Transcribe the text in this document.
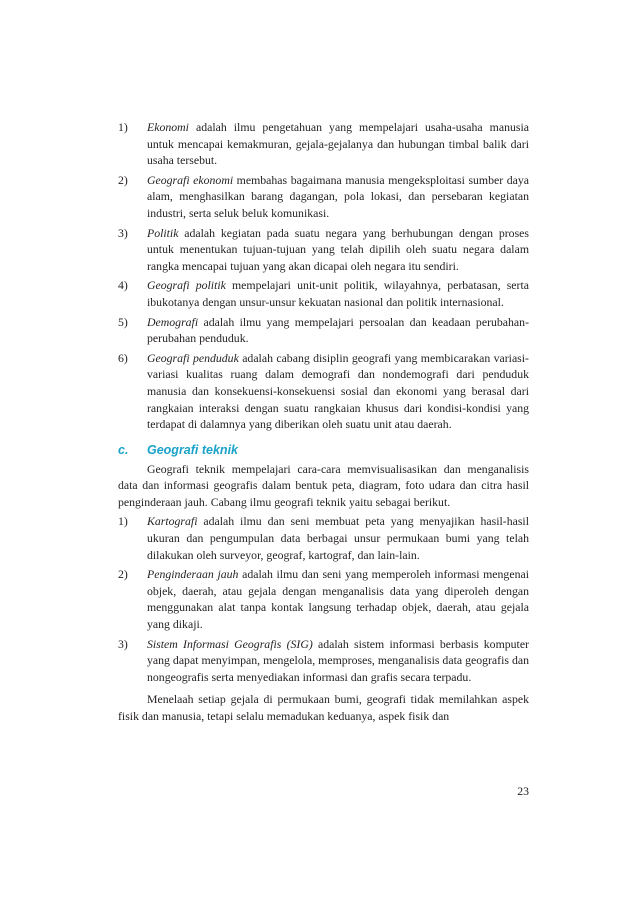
1)	Ekonomi adalah ilmu pengetahuan yang mempelajari usaha-usaha manusia untuk mencapai kemakmuran, gejala-gejalanya dan hubungan timbal balik dari usaha tersebut.
2)	Geografi ekonomi membahas bagaimana manusia mengeksploitasi sumber daya alam, menghasilkan barang dagangan, pola lokasi, dan persebaran kegiatan industri, serta seluk beluk komunikasi.
3)	Politik adalah kegiatan pada suatu negara yang berhubungan dengan proses untuk menentukan tujuan-tujuan yang telah dipilih oleh suatu negara dalam rangka mencapai tujuan yang akan dicapai oleh negara itu sendiri.
4)	Geografi politik mempelajari unit-unit politik, wilayahnya, perbatasan, serta ibukotanya dengan unsur-unsur kekuatan nasional dan politik internasional.
5)	Demografi adalah ilmu yang mempelajari persoalan dan keadaan perubahan-perubahan penduduk.
6)	Geografi penduduk adalah cabang disiplin geografi yang membicarakan variasi-variasi kualitas ruang dalam demografi dan nondemografi dari penduduk manusia dan konsekuensi-konsekuensi sosial dan ekonomi yang berasal dari rangkaian interaksi dengan suatu rangkaian khusus dari kondisi-kondisi yang terdapat di dalamnya yang diberikan oleh suatu unit atau daerah.
c.	Geografi teknik

Geografi teknik mempelajari cara-cara memvisualisasikan dan menganalisis data dan informasi geografis dalam bentuk peta, diagram, foto udara dan citra hasil penginderaan jauh. Cabang ilmu geografi teknik yaitu sebagai berikut.

1)	Kartografi adalah ilmu dan seni membuat peta yang menyajikan hasil-hasil ukuran dan pengumpulan data berbagai unsur permukaan bumi yang telah dilakukan oleh surveyor, geograf, kartograf, dan lain-lain.
2)	Penginderaan jauh adalah ilmu dan seni yang memperoleh informasi mengenai objek, daerah, atau gejala dengan menganalisis data yang diperoleh dengan menggunakan alat tanpa kontak langsung terhadap objek, daerah, atau gejala yang dikaji.
3)	Sistem Informasi Geografis (SIG) adalah sistem informasi berbasis komputer yang dapat menyimpan, mengelola, memproses, menganalisis data geografis dan nongeografis serta menyediakan informasi dan grafis secara terpadu.

Menelaah setiap gejala di permukaan bumi, geografi tidak memilahkan aspek fisik dan manusia, tetapi selalu memadukan keduanya, aspek fisik dan

23
